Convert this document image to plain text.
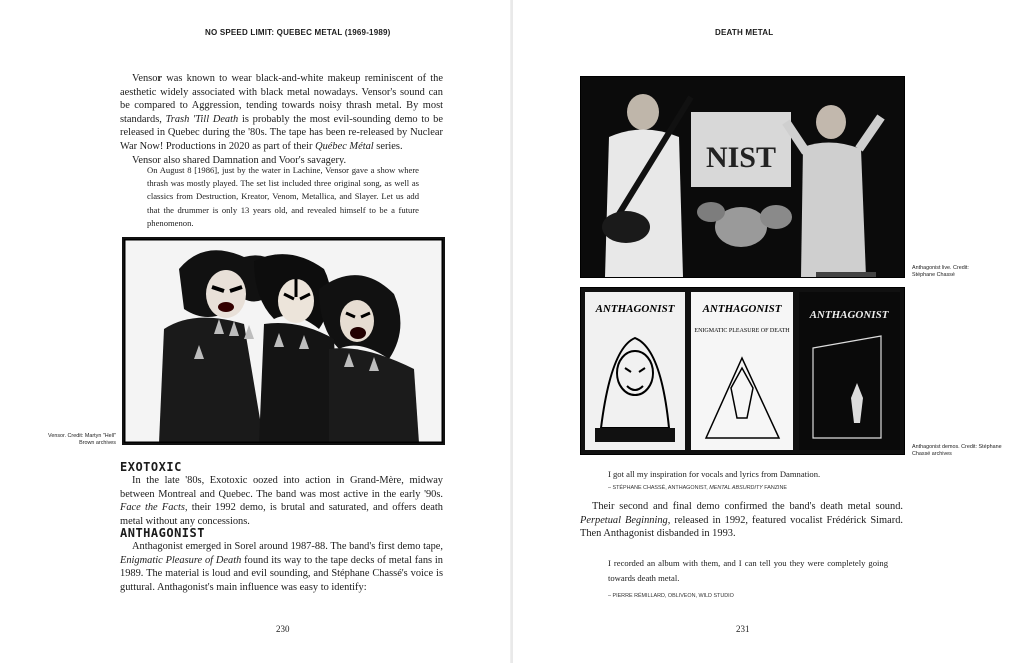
NO SPEED LIMIT: QUEBEC METAL (1969-1989)

Vensor was known to wear black-and-white makeup reminiscent of the aesthetic widely associated with black metal nowadays. Vensor's sound can be compared to Aggression, tending towards noisy thrash metal. By most standards, Trash 'Till Death is probably the most evil-sounding demo to be released in Quebec during the '80s. The tape has been re-released by Nuclear War Now! Productions in 2020 as part of their Québec Métal series.

Vensor also shared Damnation and Voor's savagery.

On August 8 [1986], just by the water in Lachine, Vensor gave a show where thrash was mostly played. The set list included three original song, as well as classics from Destruction, Kreator, Venom, Metallica, and Slayer. Let us add that the drummer is only 13 years old, and revealed himself to be a future phenomenon.
Vensor. Credit: Martyn "Hell" Brown archives
EXOTOXIC

In the late '80s, Exotoxic oozed into action in Grand-Mère, midway between Montreal and Quebec. The band was most active in the early '90s. Face the Facts, their 1992 demo, is brutal and saturated, and offers death metal without any concessions.

ANTHAGONIST

Anthagonist emerged in Sorel around 1987-88. The band's first demo tape, Enigmatic Pleasure of Death found its way to the tape decks of metal fans in 1989. The material is loud and evil sounding, and Stéphane Chassé's voice is guttural. Anthagonist's main influence was easy to identify:

230
DEATH METAL
NIST
Anthagonist live. Credit: Stéphane Chassé
ANTHAGONIST	ANTHAGONIST
ENIGMATIC PLEASURE OF DEATH
ANTHAGONIST
Anthagonist demos. Credit: Stéphane Chassé archives
I got all my inspiration for vocals and lyrics from Damnation.
– STÉPHANE CHASSÉ, ANTHAGONIST, MENTAL ABSURDITY FANZINE

Their second and final demo confirmed the band's death metal sound. Perpetual Beginning, released in 1992, featured vocalist Frédérick Simard. Then Anthagonist disbanded in 1993.

I recorded an album with them, and I can tell you they were completely going towards death metal.
– PIERRE RÉMILLARD, OBLIVEON, WILD STUDIO
231
